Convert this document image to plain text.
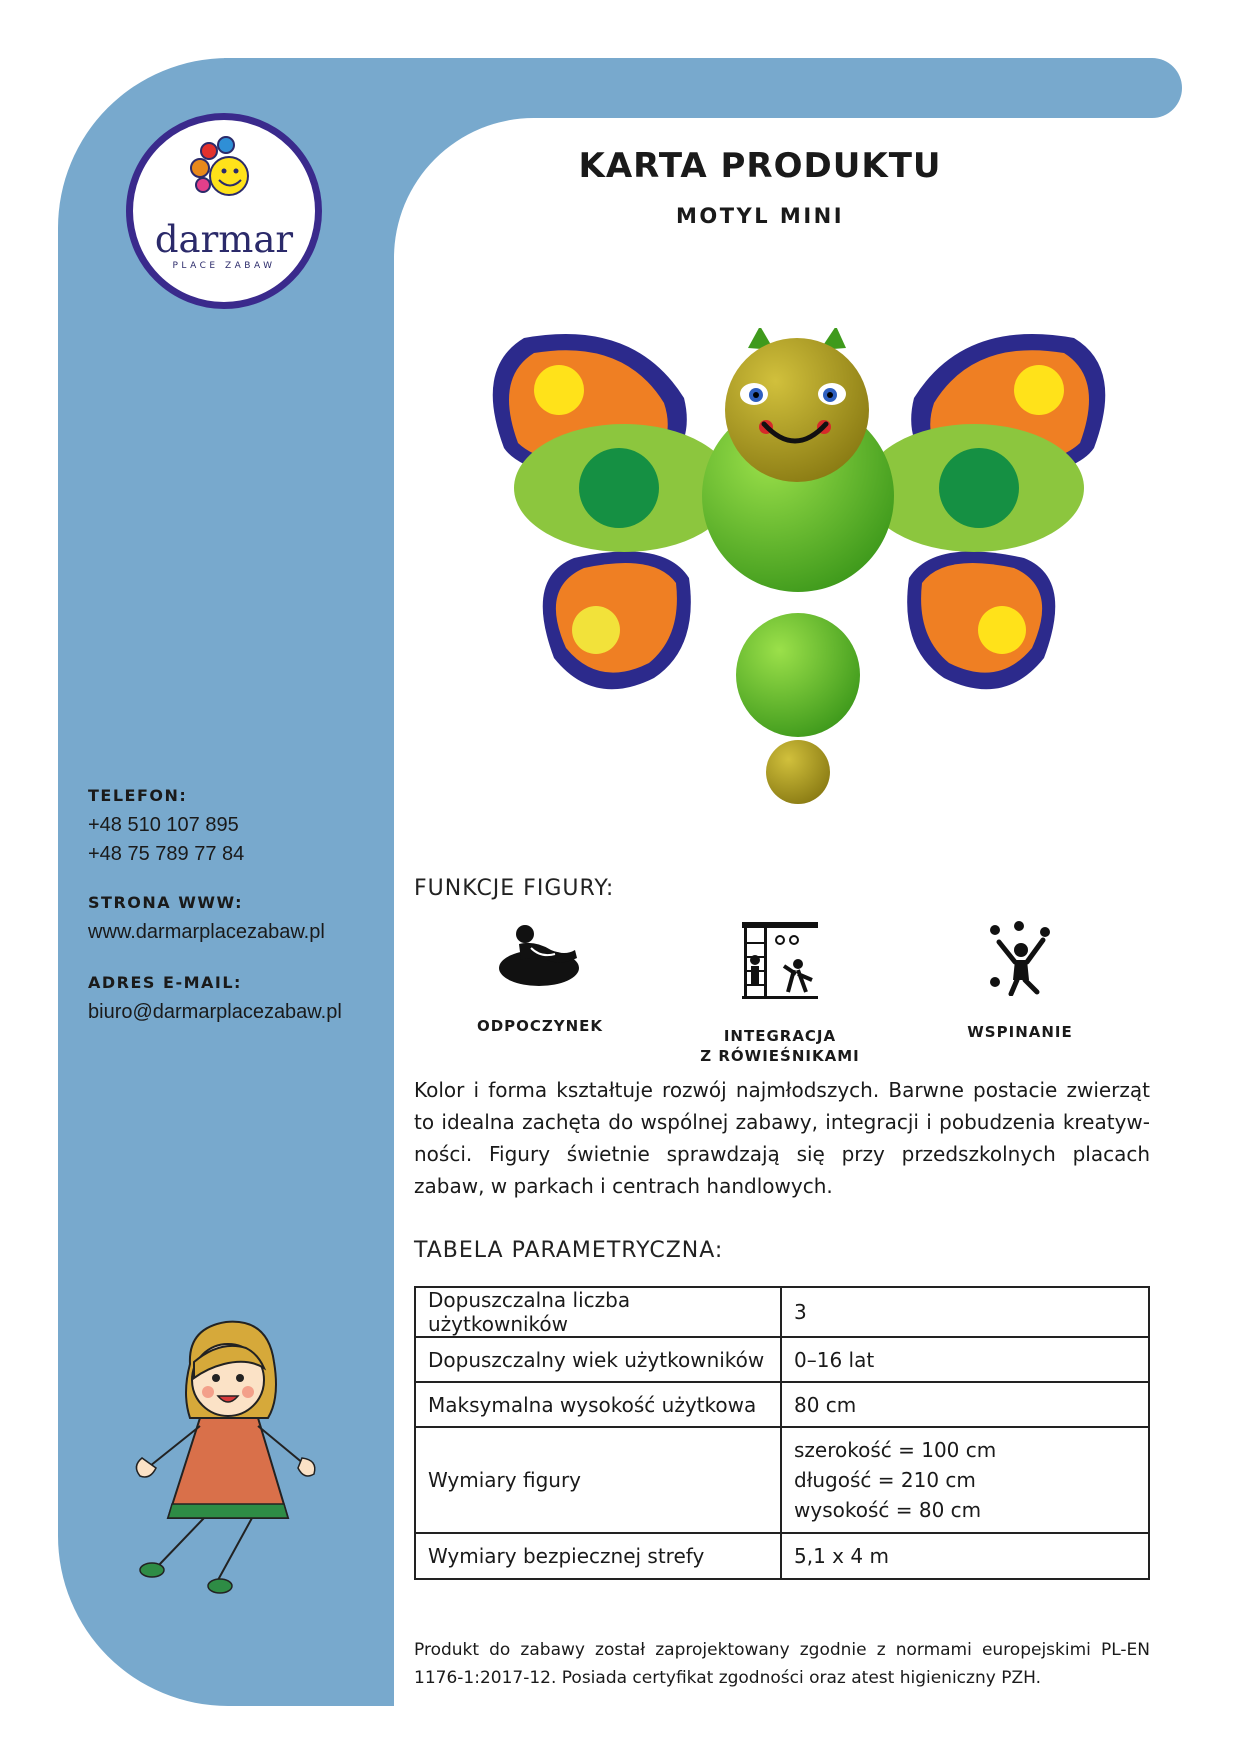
darmar
PLACE ZABAW
KARTA PRODUKTU
MOTYL MINI
TELEFON:
+48 510 107 895
+48 75 789 77 84
STRONA WWW:
www.darmarplacezabaw.pl
ADRES E-MAIL:
biuro@darmarplacezabaw.pl
FUNKCJE FIGURY:
ODPOCZYNEK
INTEGRACJA
Z RÓWIEŚNIKAMI
WSPINANIE
Kolor i forma kształtuje rozwój najmłodszych. Barwne postacie zwierząt to idealna zachęta do wspólnej zabawy, integracji i pobudzenia kreatywności. Figury świetnie sprawdzają się przy przedszkolnych placach zabaw, w parkach i centrach handlowych.
TABELA PARAMETRYCZNA:
Dopuszczalna liczba użytkowników	3
Dopuszczalny wiek użytkowników	0–16 lat
Maksymalna wysokość użytkowa	80 cm
Wymiary figury	szerokość = 100 cm
długość = 210 cm
wysokość = 80 cm

Wymiary bezpiecznej strefy	5,1 x 4 m
Produkt do zabawy został zaprojektowany zgodnie z normami europejskimi PL-EN 1176-1:2017-12. Posiada certyfikat zgodności oraz atest higieniczny PZH.
